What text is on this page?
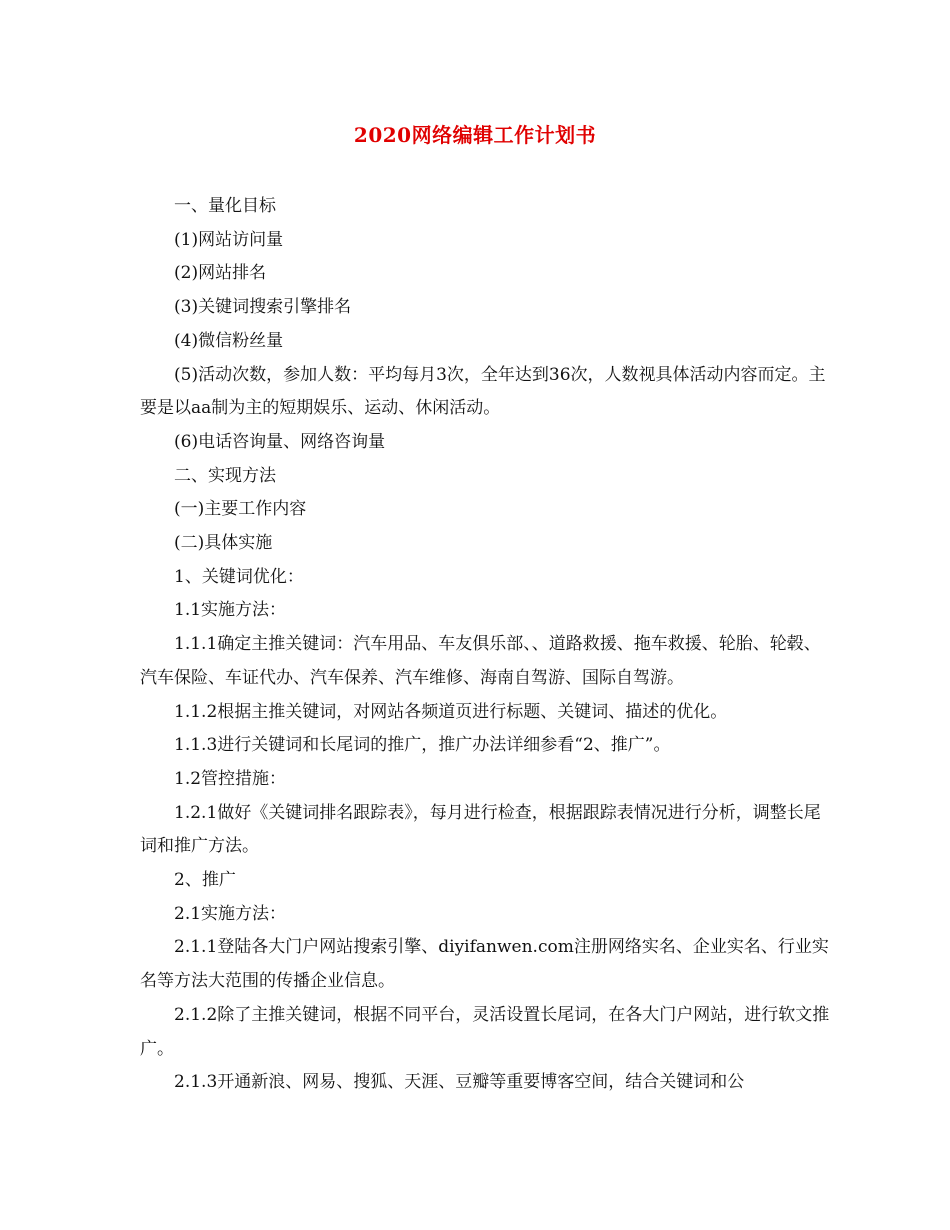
2020网络编辑工作计划书

一、量化目标

(1)网站访问量

(2)网站排名

(3)关键词搜索引擎排名

(4)微信粉丝量

(5)活动次数，参加人数：平均每月3次，全年达到36次，人数视具体活动内容而定。主要是以aa制为主的短期娱乐、运动、休闲活动。

(6)电话咨询量、网络咨询量

二、实现方法

(一)主要工作内容

(二)具体实施

1、关键词优化：

1.1实施方法：

1.1.1确定主推关键词：汽车用品、车友俱乐部、、道路救援、拖车救援、轮胎、轮毂、汽车保险、车证代办、汽车保养、汽车维修、海南自驾游、国际自驾游。

1.1.2根据主推关键词，对网站各频道页进行标题、关键词、描述的优化。

1.1.3进行关键词和长尾词的推广，推广办法详细参看“2、推广”。

1.2管控措施：

1.2.1做好《关键词排名跟踪表》，每月进行检查，根据跟踪表情况进行分析，调整长尾词和推广方法。

2、推广

2.1实施方法：

2.1.1登陆各大门户网站搜索引擎、diyifanwen.com注册网络实名、企业实名、行业实名等方法大范围的传播企业信息。

2.1.2除了主推关键词，根据不同平台，灵活设置长尾词，在各大门户网站，进行软文推广。

2.1.3开通新浪、网易、搜狐、天涯、豆瓣等重要博客空间，结合关键词和公
